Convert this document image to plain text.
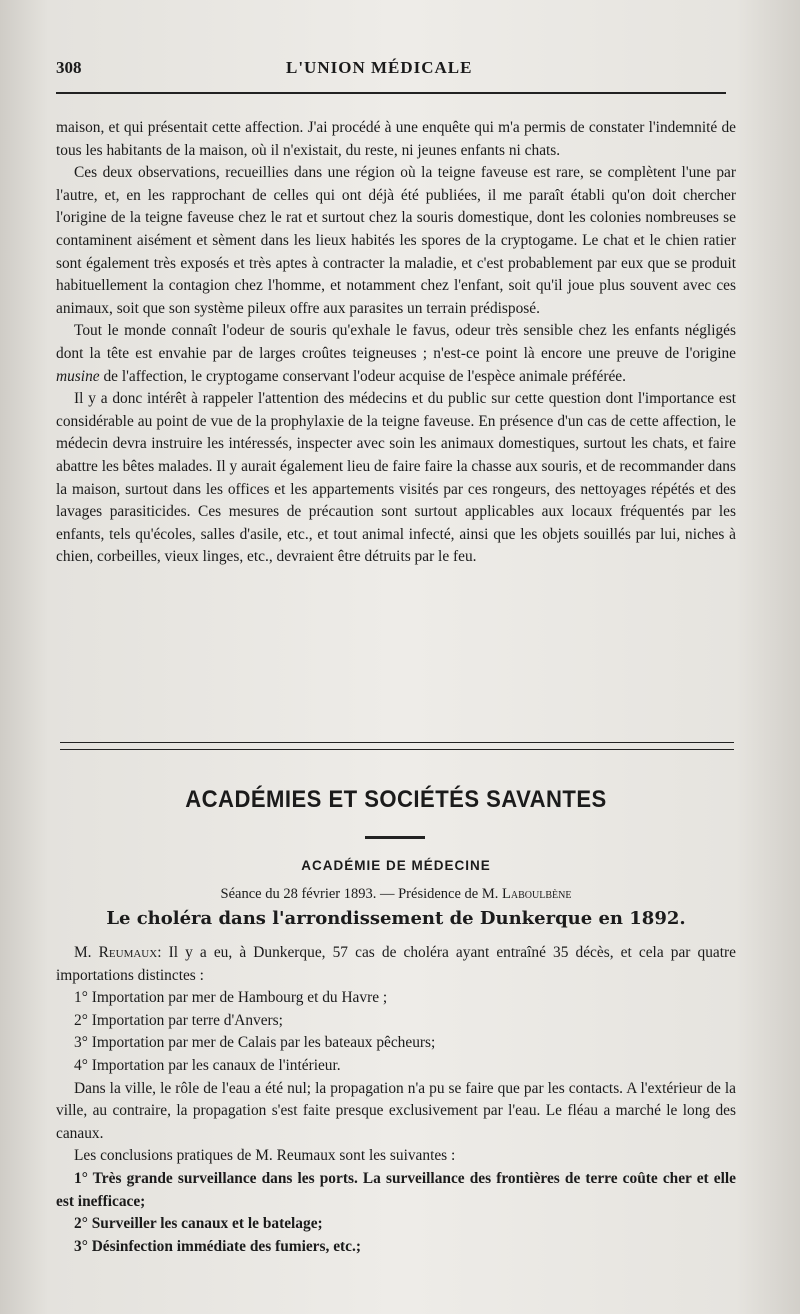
308	L'UNION MÉDICALE

maison, et qui présentait cette affection. J'ai procédé à une enquête qui m'a permis de constater l'indemnité de tous les habitants de la maison, où il n'existait, du reste, ni jeunes enfants ni chats.

Ces deux observations, recueillies dans une région où la teigne faveuse est rare, se complètent l'une par l'autre, et, en les rapprochant de celles qui ont déjà été publiées, il me paraît établi qu'on doit chercher l'origine de la teigne faveuse chez le rat et surtout chez la souris domestique, dont les colonies nombreuses se contaminent aisément et sèment dans les lieux habités les spores de la cryptogame. Le chat et le chien ratier sont également très exposés et très aptes à contracter la maladie, et c'est probablement par eux que se produit habituellement la contagion chez l'homme, et notamment chez l'enfant, soit qu'il joue plus souvent avec ces animaux, soit que son système pileux offre aux parasites un terrain prédisposé.

Tout le monde connaît l'odeur de souris qu'exhale le favus, odeur très sensible chez les enfants négligés dont la tête est envahie par de larges croûtes teigneuses ; n'est-ce point là encore une preuve de l'origine musine de l'affection, le cryptogame conservant l'odeur acquise de l'espèce animale préférée.

Il y a donc intérêt à rappeler l'attention des médecins et du public sur cette question dont l'importance est considérable au point de vue de la prophylaxie de la teigne faveuse. En présence d'un cas de cette affection, le médecin devra instruire les intéressés, inspecter avec soin les animaux domestiques, surtout les chats, et faire abattre les bêtes malades. Il y aurait également lieu de faire faire la chasse aux souris, et de recommander dans la maison, surtout dans les offices et les appartements visités par ces rongeurs, des nettoyages répétés et des lavages parasiticides. Ces mesures de précaution sont surtout applicables aux locaux fréquentés par les enfants, tels qu'écoles, salles d'asile, etc., et tout animal infecté, ainsi que les objets souillés par lui, niches à chien, corbeilles, vieux linges, etc., devraient être détruits par le feu.

ACADÉMIES ET SOCIÉTÉS SAVANTES
ACADÉMIE DE MÉDECINE
Séance du 28 février 1893. — Présidence de M. Laboulbène
Le choléra dans l'arrondissement de Dunkerque en 1892.

M. Reumaux: Il y a eu, à Dunkerque, 57 cas de choléra ayant entraîné 35 décès, et cela par quatre importations distinctes :

1° Importation par mer de Hambourg et du Havre ;

2° Importation par terre d'Anvers;

3° Importation par mer de Calais par les bateaux pêcheurs;

4° Importation par les canaux de l'intérieur.

Dans la ville, le rôle de l'eau a été nul; la propagation n'a pu se faire que par les contacts. A l'extérieur de la ville, au contraire, la propagation s'est faite presque exclusivement par l'eau. Le fléau a marché le long des canaux.

Les conclusions pratiques de M. Reumaux sont les suivantes :

1° Très grande surveillance dans les ports. La surveillance des frontières de terre coûte cher et elle est inefficace;

2° Surveiller les canaux et le batelage;

3° Désinfection immédiate des fumiers, etc.;
